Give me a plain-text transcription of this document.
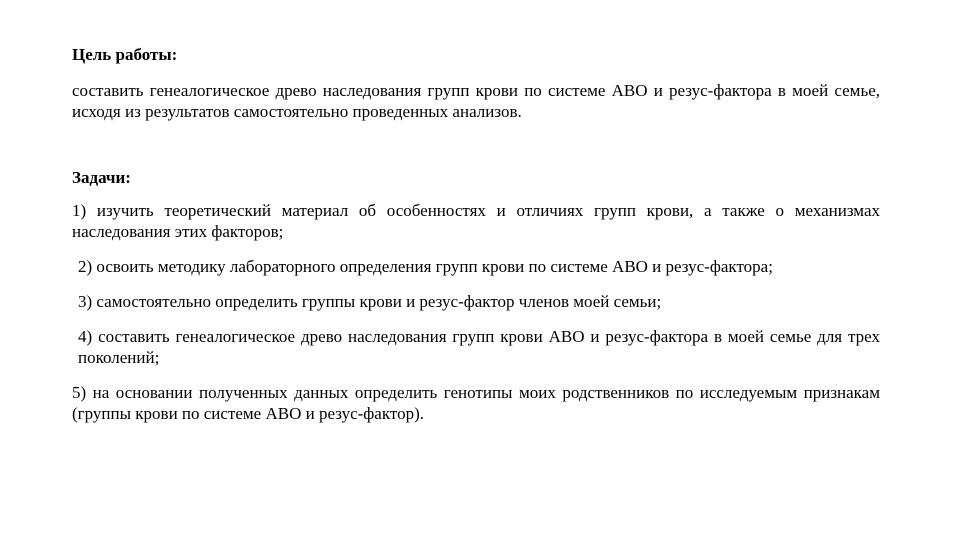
Цель работы:

составить генеалогическое древо наследования групп крови по системе АВО и резус-фактора в моей семье, исходя из результатов самостоятельно проведенных анализов.

Задачи:

1) изучить теоретический материал об особенностях и отличиях групп крови, а также о механизмах наследования этих факторов;

2) освоить методику лабораторного определения групп крови по системе АВО и резус-фактора;

3) самостоятельно определить группы крови и резус-фактор членов моей семьи;

4) составить генеалогическое древо наследования групп крови АВО и резус-фактора в моей семье для трех поколений;

5) на основании полученных данных определить генотипы моих родственников по исследуемым признакам (группы крови по системе АВО и резус-фактор).
